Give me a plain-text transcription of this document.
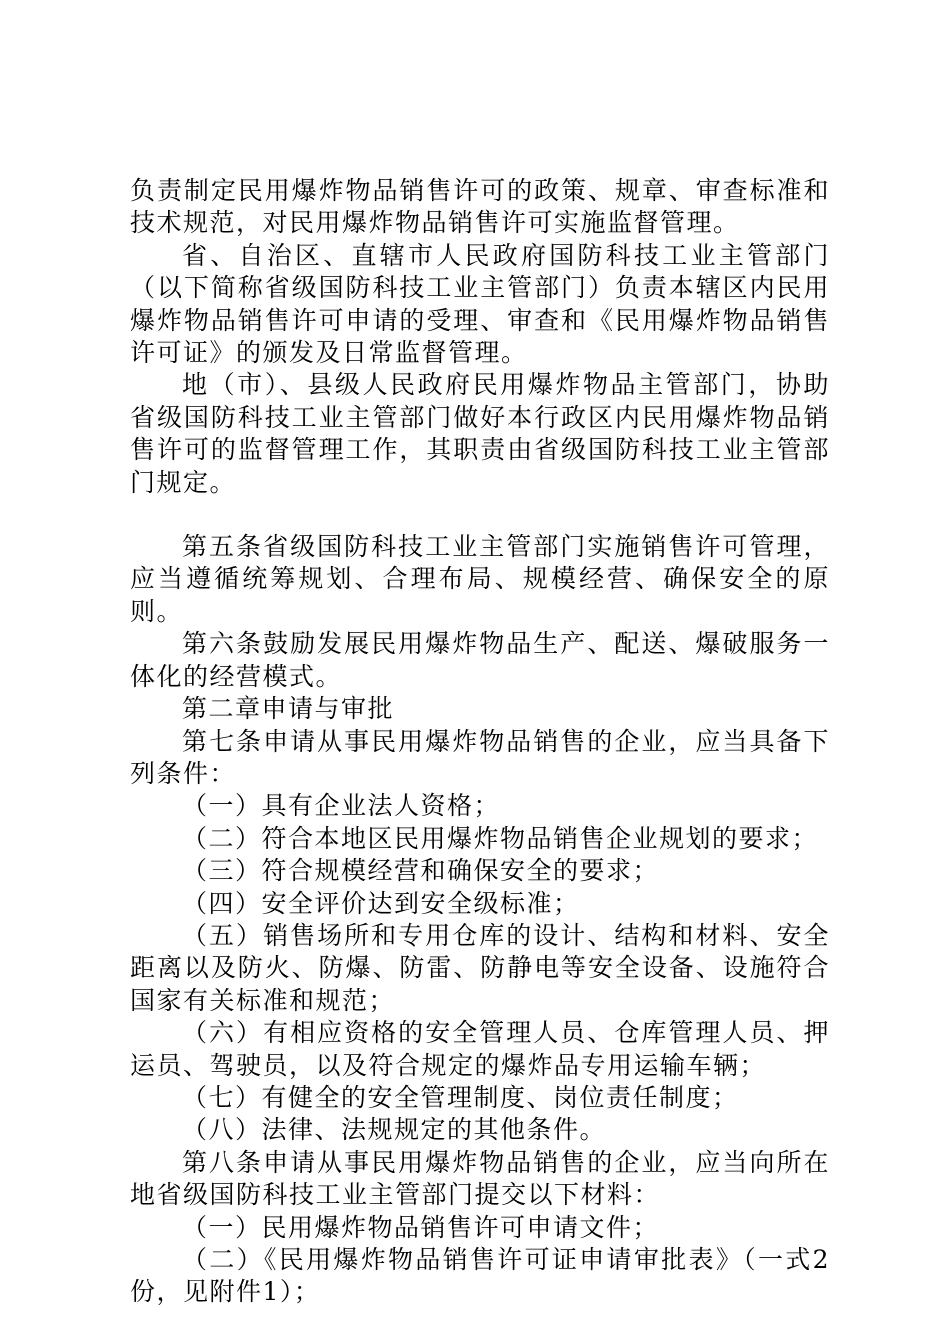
负责制定民用爆炸物品销售许可的政策、规章、审查标准和技术规范，对民用爆炸物品销售许可实施监督管理。

省、自治区、直辖市人民政府国防科技工业主管部门（以下简称省级国防科技工业主管部门）负责本辖区内民用爆炸物品销售许可申请的受理、审查和《民用爆炸物品销售许可证》的颁发及日常监督管理。

地（市）、县级人民政府民用爆炸物品主管部门，协助省级国防科技工业主管部门做好本行政区内民用爆炸物品销售许可的监督管理工作，其职责由省级国防科技工业主管部门规定。

第五条省级国防科技工业主管部门实施销售许可管理，应当遵循统筹规划、合理布局、规模经营、确保安全的原则。

第六条鼓励发展民用爆炸物品生产、配送、爆破服务一体化的经营模式。

第二章申请与审批

第七条申请从事民用爆炸物品销售的企业，应当具备下列条件：

（一）具有企业法人资格；

（二）符合本地区民用爆炸物品销售企业规划的要求；

（三）符合规模经营和确保安全的要求；

（四）安全评价达到安全级标准；

（五）销售场所和专用仓库的设计、结构和材料、安全距离以及防火、防爆、防雷、防静电等安全设备、设施符合国家有关标准和规范；

（六）有相应资格的安全管理人员、仓库管理人员、押运员、驾驶员，以及符合规定的爆炸品专用运输车辆；

（七）有健全的安全管理制度、岗位责任制度；

（八）法律、法规规定的其他条件。

第八条申请从事民用爆炸物品销售的企业，应当向所在地省级国防科技工业主管部门提交以下材料：

（一）民用爆炸物品销售许可申请文件；

（二）《民用爆炸物品销售许可证申请审批表》（一式2份，见附件1）；
